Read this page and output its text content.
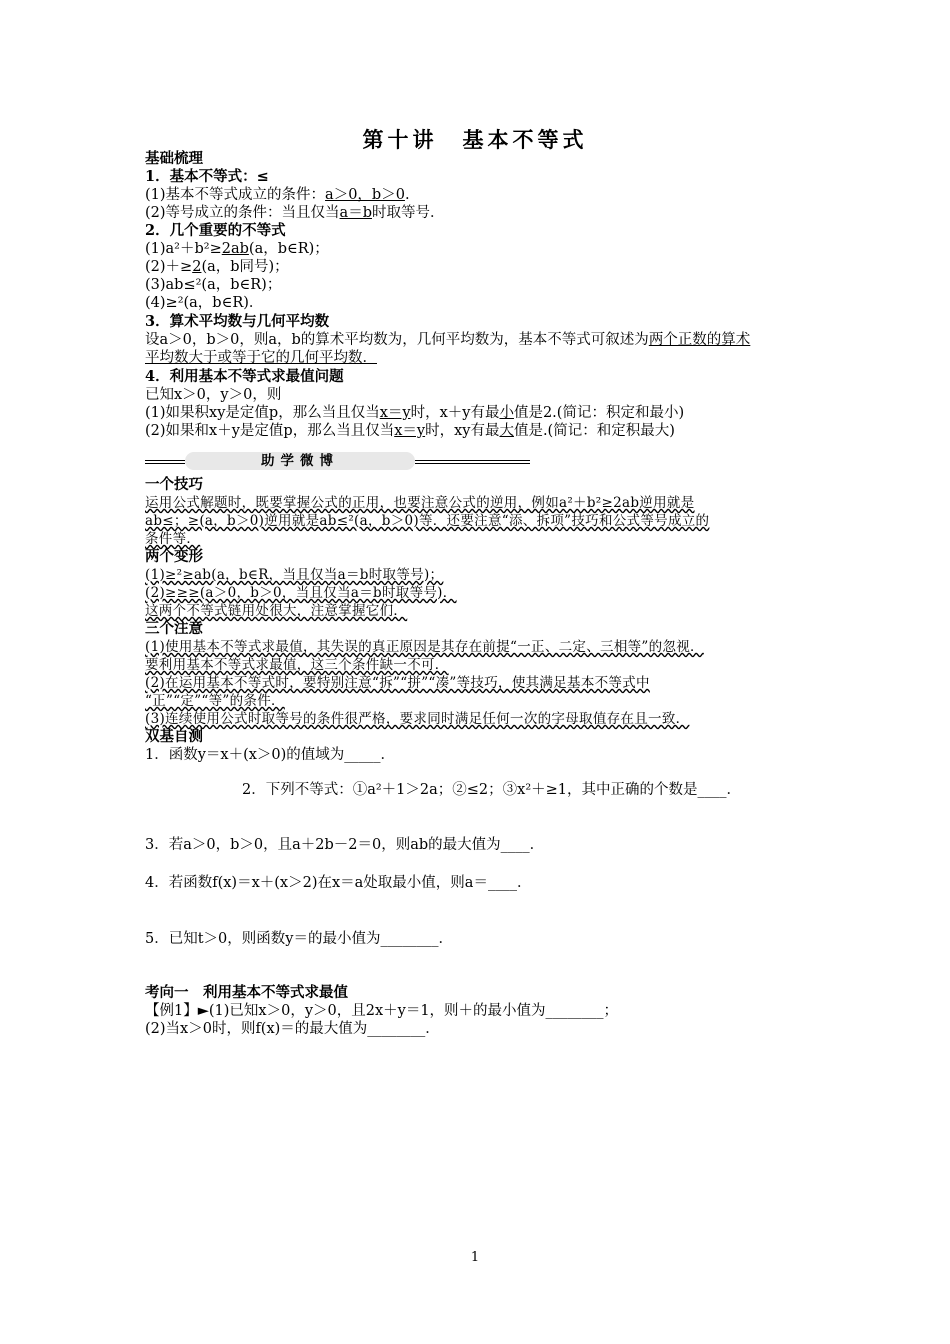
第十讲　基本不等式
基础梳理
1．基本不等式：≤
(1)基本不等式成立的条件：a＞0，b＞0.
(2)等号成立的条件：当且仅当a＝b时取等号．
2．几个重要的不等式
(1)a²＋b²≥2ab(a，b∈R)；
(2)＋≥2(a，b同号)；
(3)ab≤²(a，b∈R)；
(4)≥²(a，b∈R)．
3．算术平均数与几何平均数
设a＞0，b＞0，则a，b的算术平均数为，几何平均数为，基本不等式可叙述为两个正数的算术
平均数大于或等于它的几何平均数．
4．利用基本不等式求最值问题
已知x＞0，y＞0，则
(1)如果积xy是定值p，那么当且仅当x＝y时，x＋y有最小值是2.(简记：积定和最小)
(2)如果和x＋y是定值p，那么当且仅当x＝y时，xy有最大值是.(简记：和定积最大)
助学微博
一个技巧
运用公式解题时，既要掌握公式的正用，也要注意公式的逆用，例如a²＋b²≥2ab逆用就是
ab≤；≥(a，b＞0)逆用就是ab≤²(a，b＞0)等．还要注意“添、拆项”技巧和公式等号成立的
条件等．
两个变形
(1)≥²≥ab(a，b∈R，当且仅当a＝b时取等号)；
(2)≥≥≥(a＞0，b＞0，当且仅当a＝b时取等号)．
这两个不等式链用处很大，注意掌握它们．
三个注意
(1)使用基本不等式求最值，其失误的真正原因是其存在前提“一正、二定、三相等”的忽视．
要利用基本不等式求最值，这三个条件缺一不可．
(2)在运用基本不等式时，要特别注意“拆”“拼”“凑”等技巧，使其满足基本不等式中
“正”“定”“等”的条件．
(3)连续使用公式时取等号的条件很严格，要求同时满足任何一次的字母取值存在且一致．
双基自测
1．函数y＝x＋(x＞0)的值域为_____．
2．下列不等式：①a²＋1＞2a；②≤2；③x²＋≥1，其中正确的个数是____．
3．若a＞0，b＞0，且a＋2b－2＝0，则ab的最大值为____．
4．若函数f(x)＝x＋(x＞2)在x＝a处取最小值，则a＝____．
5．已知t＞0，则函数y＝的最小值为________．
考向一　利用基本不等式求最值
【例1】►(1)已知x＞0，y＞0，且2x＋y＝1，则＋的最小值为________；
(2)当x＞0时，则f(x)＝的最大值为________．
1
